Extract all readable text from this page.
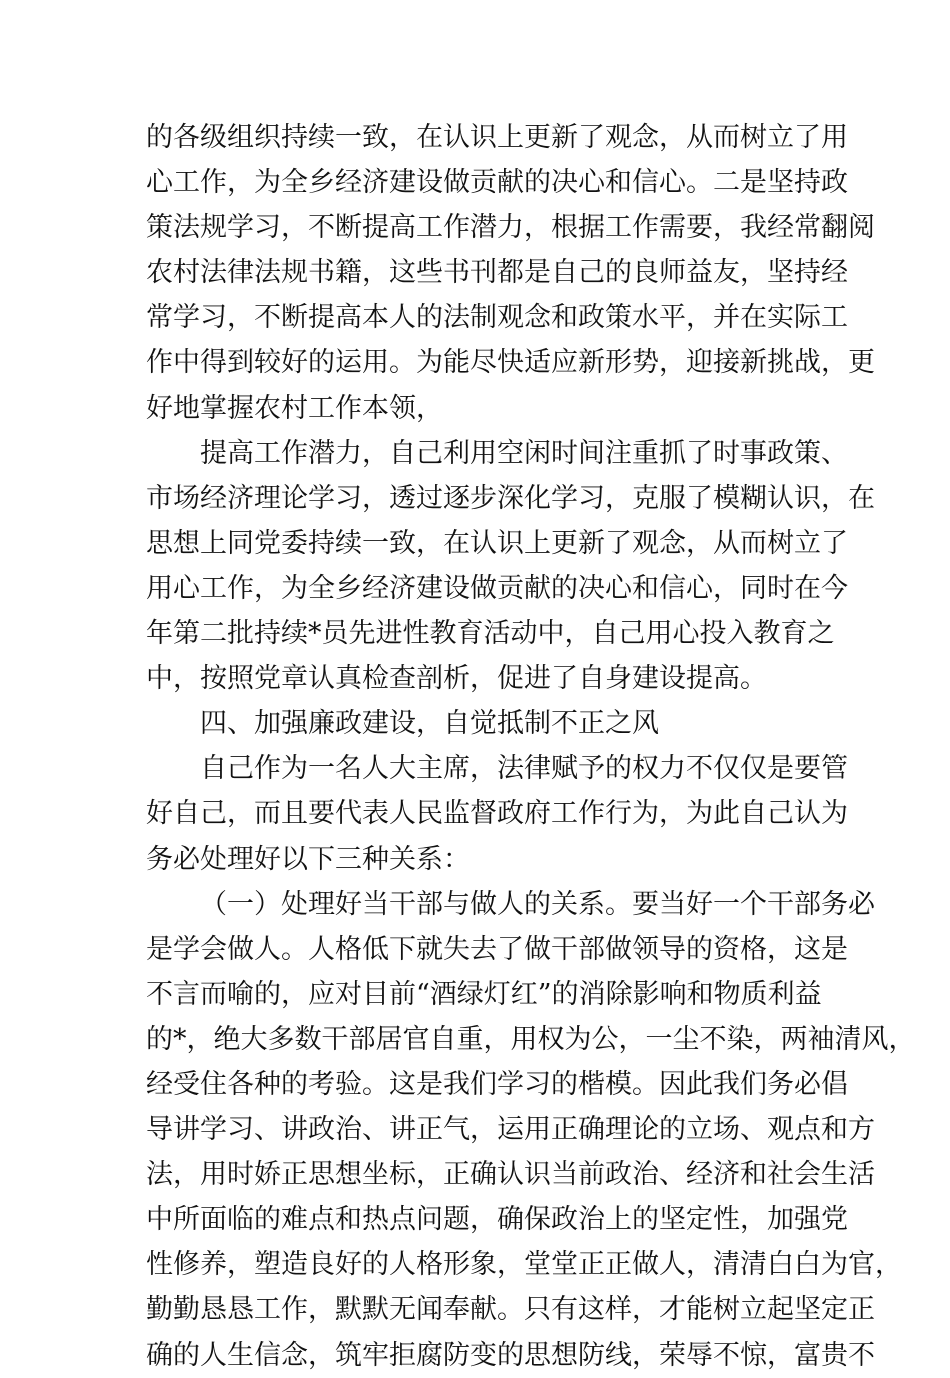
的各级组织持续一致，在认识上更新了观念，从而树立了用
心工作，为全乡经济建设做贡献的决心和信心。二是坚持政
策法规学习，不断提高工作潜力，根据工作需要，我经常翻阅
农村法律法规书籍，这些书刊都是自己的良师益友，坚持经
常学习，不断提高本人的法制观念和政策水平，并在实际工
作中得到较好的运用。为能尽快适应新形势，迎接新挑战，更
好地掌握农村工作本领，
提高工作潜力，自己利用空闲时间注重抓了时事政策、
市场经济理论学习，透过逐步深化学习，克服了模糊认识，在
思想上同党委持续一致，在认识上更新了观念，从而树立了
用心工作，为全乡经济建设做贡献的决心和信心，同时在今
年第二批持续*员先进性教育活动中，自己用心投入教育之
中，按照党章认真检查剖析，促进了自身建设提高。
四、加强廉政建设，自觉抵制不正之风
自己作为一名人大主席，法律赋予的权力不仅仅是要管
好自己，而且要代表人民监督政府工作行为，为此自己认为
务必处理好以下三种关系：
（一）处理好当干部与做人的关系。要当好一个干部务必
是学会做人。人格低下就失去了做干部做领导的资格，这是
不言而喻的，应对目前“酒绿灯红”的消除影响和物质利益
的*，绝大多数干部居官自重，用权为公，一尘不染，两袖清风，
经受住各种的考验。这是我们学习的楷模。因此我们务必倡
导讲学习、讲政治、讲正气，运用正确理论的立场、观点和方
法，用时娇正思想坐标，正确认识当前政治、经济和社会生活
中所面临的难点和热点问题，确保政治上的坚定性，加强党
性修养，塑造良好的人格形象，堂堂正正做人，清清白白为官，
勤勤恳恳工作，默默无闻奉献。只有这样，才能树立起坚定正
确的人生信念，筑牢拒腐防变的思想防线，荣辱不惊，富贵不
